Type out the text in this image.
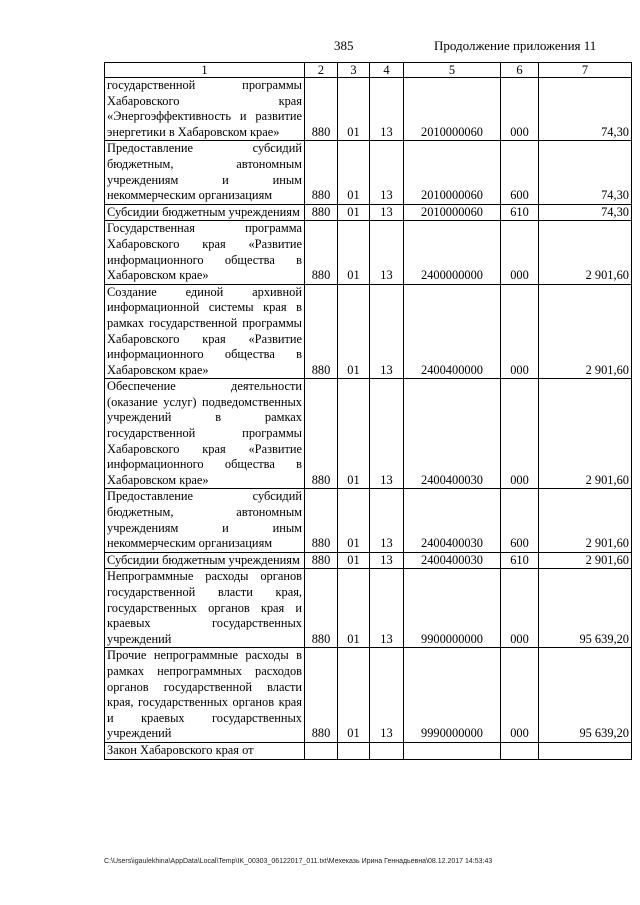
385	Продолжение приложения 11
1	2	3	4	5	6	7
государственной программы Хабаровского края «Энергоэффективность и развитие энергетики в Хабаровском крае»	880	01	13	2010000060	000	74,30
Предоставление субсидий бюджетным, автономным учреждениям и иным некоммерческим организациям	880	01	13	2010000060	600	74,30
Субсидии бюджетным учреждениям	880	01	13	2010000060	610	74,30
Государственная программа Хабаровского края «Развитие информационного общества в Хабаровском крае»	880	01	13	2400000000	000	2 901,60
Создание единой архивной информационной системы края в рамках государственной программы Хабаровского края «Развитие информационного общества в Хабаровском крае»	880	01	13	2400400000	000	2 901,60
Обеспечение деятельности (оказание услуг) подведомственных учреждений в рамках государственной программы Хабаровского края «Развитие информационного общества в Хабаровском крае»	880	01	13	2400400030	000	2 901,60
Предоставление субсидий бюджетным, автономным учреждениям и иным некоммерческим организациям	880	01	13	2400400030	600	2 901,60
Субсидии бюджетным учреждениям	880	01	13	2400400030	610	2 901,60
Непрограммные расходы органов государственной власти края, государственных органов края и краевых государственных учреждений	880	01	13	9900000000	000	95 639,20
Прочие непрограммные расходы в рамках непрограммных расходов органов государственной власти края, государственных органов края и краевых государственных учреждений	880	01	13	9990000000	000	95 639,20
Закон Хабаровского края от						
C:\Users\igaulekhina\AppData\Local\Temp\IK_00303_06122017_011.txt\Мехеказь Ирина Геннадьевна\08.12.2017 14:53:43
